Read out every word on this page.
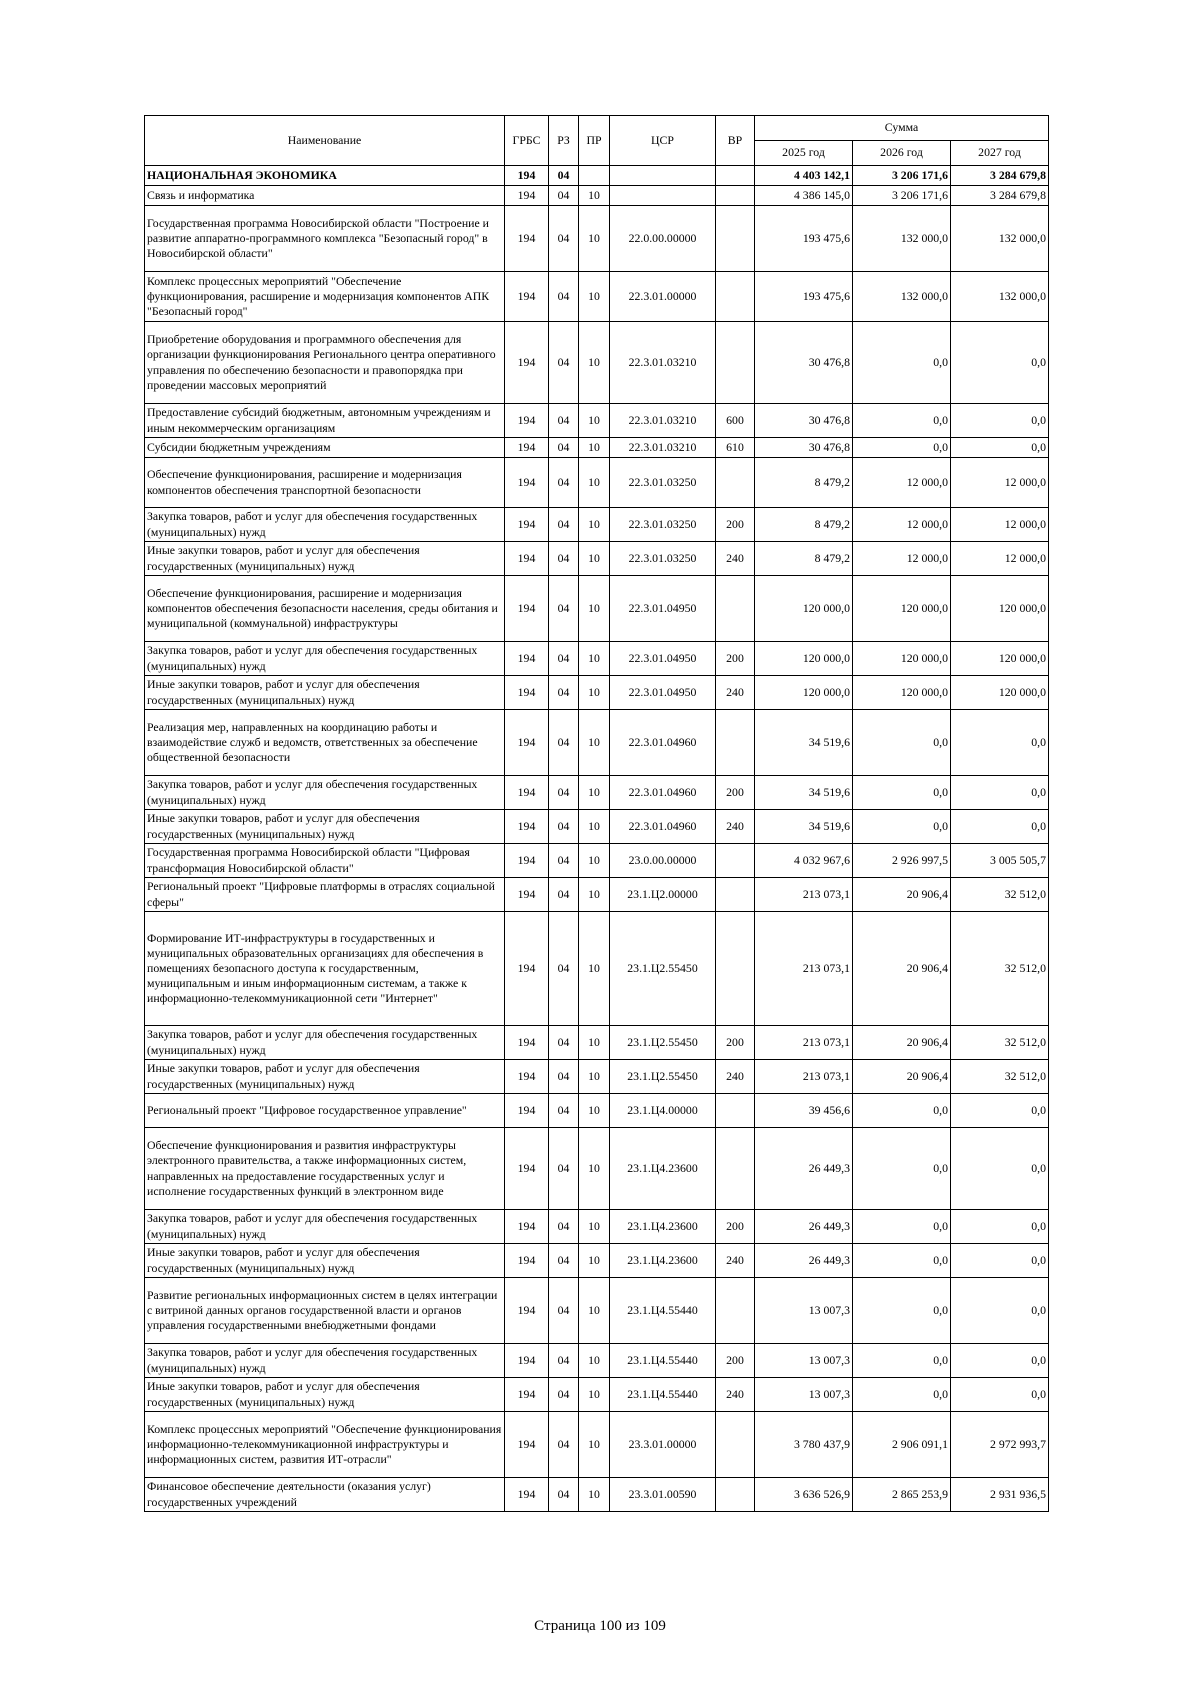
Наименование	ГРБС	РЗ	ПР	ЦСР	ВР	Сумма		
						2025 год	2026 год	2027 год
НАЦИОНАЛЬНАЯ ЭКОНОМИКА	194	04				4 403 142,1	3 206 171,6	3 284 679,8
Связь и информатика	194	04	10			4 386 145,0	3 206 171,6	3 284 679,8
Государственная программа Новосибирской области "Построение и развитие аппаратно-программного комплекса "Безопасный город" в Новосибирской области"	194	04	10	22.0.00.00000		193 475,6	132 000,0	132 000,0
Комплекс процессных мероприятий "Обеспечение функционирования, расширение и модернизация компонентов АПК "Безопасный город"	194	04	10	22.3.01.00000		193 475,6	132 000,0	132 000,0
Приобретение оборудования и программного обеспечения для организации функционирования Регионального центра оперативного управления по обеспечению безопасности и правопорядка при проведении массовых мероприятий	194	04	10	22.3.01.03210		30 476,8	0,0	0,0
Предоставление субсидий бюджетным, автономным учреждениям и иным некоммерческим организациям	194	04	10	22.3.01.03210	600	30 476,8	0,0	0,0
Субсидии бюджетным учреждениям	194	04	10	22.3.01.03210	610	30 476,8	0,0	0,0
Обеспечение функционирования, расширение и модернизация компонентов обеспечения транспортной безопасности	194	04	10	22.3.01.03250		8 479,2	12 000,0	12 000,0
Закупка товаров, работ и услуг для обеспечения государственных (муниципальных) нужд	194	04	10	22.3.01.03250	200	8 479,2	12 000,0	12 000,0
Иные закупки товаров, работ и услуг для обеспечения государственных (муниципальных) нужд	194	04	10	22.3.01.03250	240	8 479,2	12 000,0	12 000,0
Обеспечение функционирования, расширение и модернизация компонентов обеспечения безопасности населения, среды обитания и муниципальной (коммунальной) инфраструктуры	194	04	10	22.3.01.04950		120 000,0	120 000,0	120 000,0
Закупка товаров, работ и услуг для обеспечения государственных (муниципальных) нужд	194	04	10	22.3.01.04950	200	120 000,0	120 000,0	120 000,0
Иные закупки товаров, работ и услуг для обеспечения государственных (муниципальных) нужд	194	04	10	22.3.01.04950	240	120 000,0	120 000,0	120 000,0
Реализация мер, направленных на координацию работы и взаимодействие служб и ведомств, ответственных за обеспечение общественной безопасности	194	04	10	22.3.01.04960		34 519,6	0,0	0,0
Закупка товаров, работ и услуг для обеспечения государственных (муниципальных) нужд	194	04	10	22.3.01.04960	200	34 519,6	0,0	0,0
Иные закупки товаров, работ и услуг для обеспечения государственных (муниципальных) нужд	194	04	10	22.3.01.04960	240	34 519,6	0,0	0,0
Государственная программа Новосибирской области "Цифровая трансформация Новосибирской области"	194	04	10	23.0.00.00000		4 032 967,6	2 926 997,5	3 005 505,7
Региональный проект "Цифровые платформы в отраслях социальной сферы"	194	04	10	23.1.Ц2.00000		213 073,1	20 906,4	32 512,0
Формирование ИТ-инфраструктуры в государственных и муниципальных образовательных организациях для обеспечения в помещениях безопасного доступа к государственным, муниципальным и иным информационным системам, а также к информационно-телекоммуникационной сети "Интернет"	194	04	10	23.1.Ц2.55450		213 073,1	20 906,4	32 512,0
Закупка товаров, работ и услуг для обеспечения государственных (муниципальных) нужд	194	04	10	23.1.Ц2.55450	200	213 073,1	20 906,4	32 512,0
Иные закупки товаров, работ и услуг для обеспечения государственных (муниципальных) нужд	194	04	10	23.1.Ц2.55450	240	213 073,1	20 906,4	32 512,0
Региональный проект "Цифровое государственное управление"	194	04	10	23.1.Ц4.00000		39 456,6	0,0	0,0
Обеспечение функционирования и развития инфраструктуры электронного правительства, а также информационных систем, направленных на предоставление государственных услуг и исполнение государственных функций в электронном виде	194	04	10	23.1.Ц4.23600		26 449,3	0,0	0,0
Закупка товаров, работ и услуг для обеспечения государственных (муниципальных) нужд	194	04	10	23.1.Ц4.23600	200	26 449,3	0,0	0,0
Иные закупки товаров, работ и услуг для обеспечения государственных (муниципальных) нужд	194	04	10	23.1.Ц4.23600	240	26 449,3	0,0	0,0
Развитие региональных информационных систем в целях интеграции с витриной данных органов государственной власти и органов управления государственными внебюджетными фондами	194	04	10	23.1.Ц4.55440		13 007,3	0,0	0,0
Закупка товаров, работ и услуг для обеспечения государственных (муниципальных) нужд	194	04	10	23.1.Ц4.55440	200	13 007,3	0,0	0,0
Иные закупки товаров, работ и услуг для обеспечения государственных (муниципальных) нужд	194	04	10	23.1.Ц4.55440	240	13 007,3	0,0	0,0
Комплекс процессных мероприятий "Обеспечение функционирования информационно-телекоммуникационной инфраструктуры и информационных систем, развития ИТ-отрасли"	194	04	10	23.3.01.00000		3 780 437,9	2 906 091,1	2 972 993,7
Финансовое обеспечение деятельности (оказания услуг) государственных учреждений	194	04	10	23.3.01.00590		3 636 526,9	2 865 253,9	2 931 936,5
Страница 100 из 109
